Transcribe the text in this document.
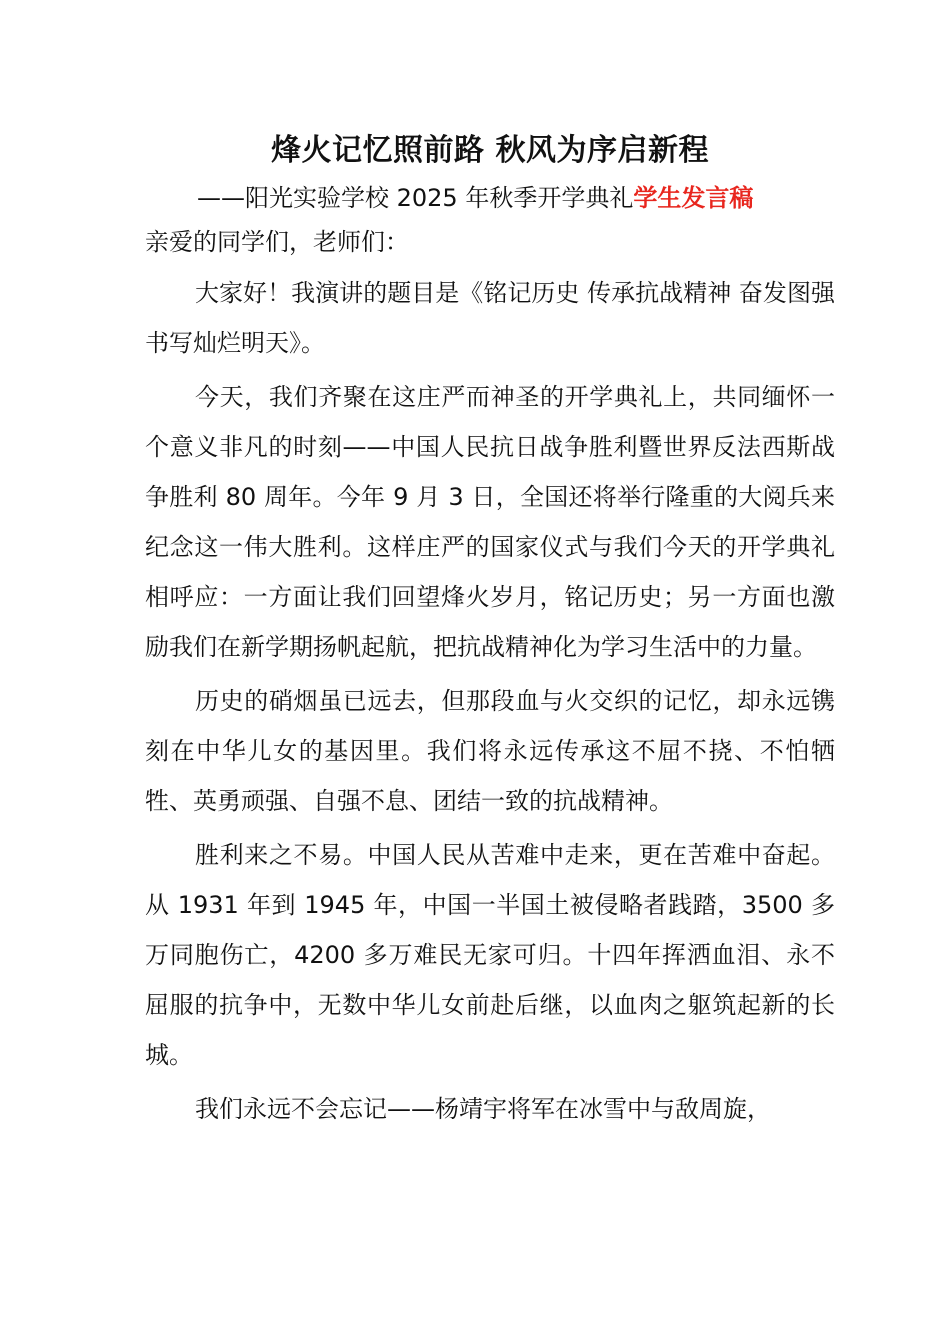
烽火记忆照前路 秋风为序启新程

——阳光实验学校 2025 年秋季开学典礼学生发言稿

亲爱的同学们，老师们：

大家好！我演讲的题目是《铭记历史 传承抗战精神 奋发图强 书写灿烂明天》。

今天，我们齐聚在这庄严而神圣的开学典礼上，共同缅怀一个意义非凡的时刻——中国人民抗日战争胜利暨世界反法西斯战争胜利 80 周年。今年 9 月 3 日，全国还将举行隆重的大阅兵来纪念这一伟大胜利。这样庄严的国家仪式与我们今天的开学典礼相呼应：一方面让我们回望烽火岁月，铭记历史；另一方面也激励我们在新学期扬帆起航，把抗战精神化为学习生活中的力量。

历史的硝烟虽已远去，但那段血与火交织的记忆，却永远镌刻在中华儿女的基因里。我们将永远传承这不屈不挠、不怕牺牲、英勇顽强、自强不息、团结一致的抗战精神。

胜利来之不易。中国人民从苦难中走来，更在苦难中奋起。从 1931 年到 1945 年，中国一半国土被侵略者践踏，3500 多万同胞伤亡，4200 多万难民无家可归。十四年挥洒血泪、永不屈服的抗争中，无数中华儿女前赴后继，以血肉之躯筑起新的长城。

我们永远不会忘记——杨靖宇将军在冰雪中与敌周旋，
